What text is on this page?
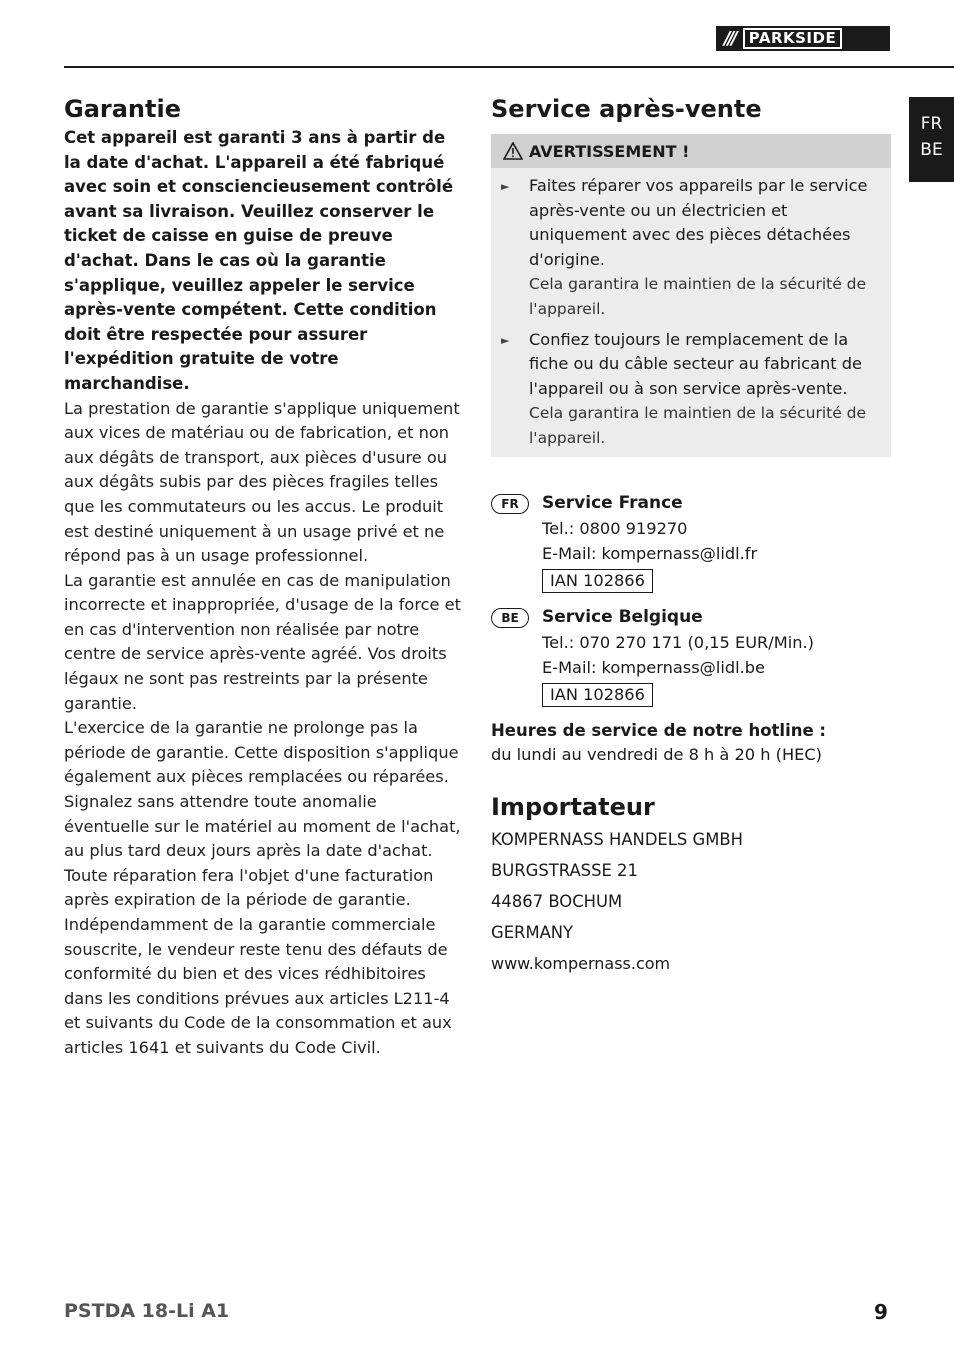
/// PARKSIDE
FR
BE
Garantie

Cet appareil est garanti 3 ans à partir de la date d'achat. L'appareil a été fabriqué avec soin et consciencieusement contrôlé avant sa livraison. Veuillez conserver le ticket de caisse en guise de preuve d'achat. Dans le cas où la garantie s'applique, veuillez appeler le service après-vente compétent. Cette condition doit être respectée pour assurer l'expédition gratuite de votre marchandise.

La prestation de garantie s'applique uniquement aux vices de matériau ou de fabrication, et non aux dégâts de transport, aux pièces d'usure ou aux dégâts subis par des pièces fragiles telles que les commutateurs ou les accus. Le produit est destiné uniquement à un usage privé et ne répond pas à un usage professionnel.

La garantie est annulée en cas de manipulation incorrecte et inappropriée, d'usage de la force et en cas d'intervention non réalisée par notre centre de service après-vente agréé. Vos droits légaux ne sont pas restreints par la présente garantie.

L'exercice de la garantie ne prolonge pas la période de garantie. Cette disposition s'applique également aux pièces remplacées ou réparées.

Signalez sans attendre toute anomalie éventuelle sur le matériel au moment de l'achat, au plus tard deux jours après la date d'achat. Toute réparation fera l'objet d'une facturation après expiration de la période de garantie.

Indépendamment de la garantie commerciale souscrite, le vendeur reste tenu des défauts de conformité du bien et des vices rédhibitoires dans les conditions prévues aux articles L211-4 et suivants du Code de la consommation et aux articles 1641 et suivants du Code Civil.

Service après-vente
AVERTISSEMENT !
►	Faites réparer vos appareils par le service après-vente ou un électricien et uniquement avec des pièces détachées d'origine.
Cela garantira le maintien de la sécurité de l'appareil.
►	Confiez toujours le remplacement de la fiche ou du câble secteur au fabricant de l'appareil ou à son service après-vente.
Cela garantira le maintien de la sécurité de l'appareil.
FR	Service France
Tel.: 0800 919270
E-Mail: kompernass@lidl.fr
IAN 102866
BE	Service Belgique
Tel.: 070 270 171 (0,15 EUR/Min.)
E-Mail: kompernass@lidl.be
IAN 102866
Heures de service de notre hotline :
du lundi au vendredi de 8 h à 20 h (HEC)
Importateur
KOMPERNASS HANDELS GMBH
BURGSTRASSE 21
44867 BOCHUM
GERMANY
www.kompernass.com
PSTDA 18-Li A1	9
